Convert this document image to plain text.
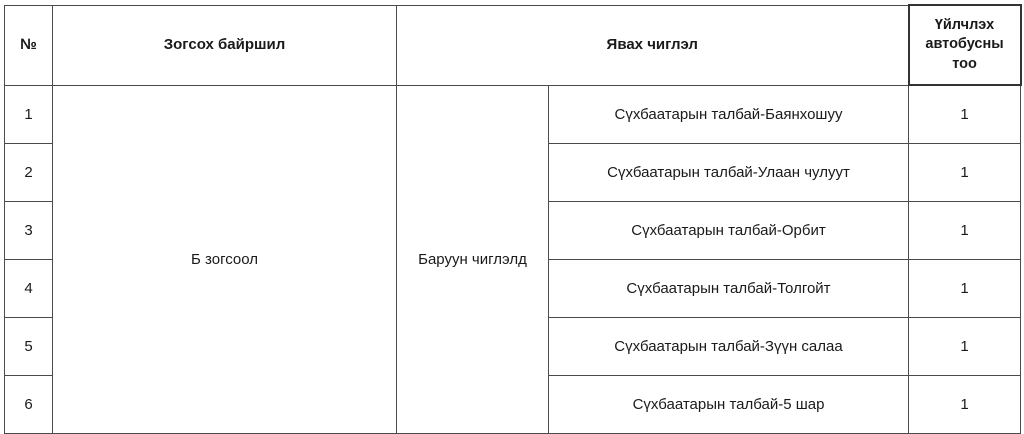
№	Зогсох байршил	Явах чиглэл		Үйлчлэх автобусны тоо
1	Б зогсоол	Баруун чиглэлд	Сүхбаатарын талбай-Баянхошуу	1
2			Сүхбаатарын талбай-Улаан чулуут	1
3			Сүхбаатарын талбай-Орбит	1
4			Сүхбаатарын талбай-Толгойт	1
5			Сүхбаатарын талбай-Зүүн салаа	1
6			Сүхбаатарын талбай-5 шар	1
